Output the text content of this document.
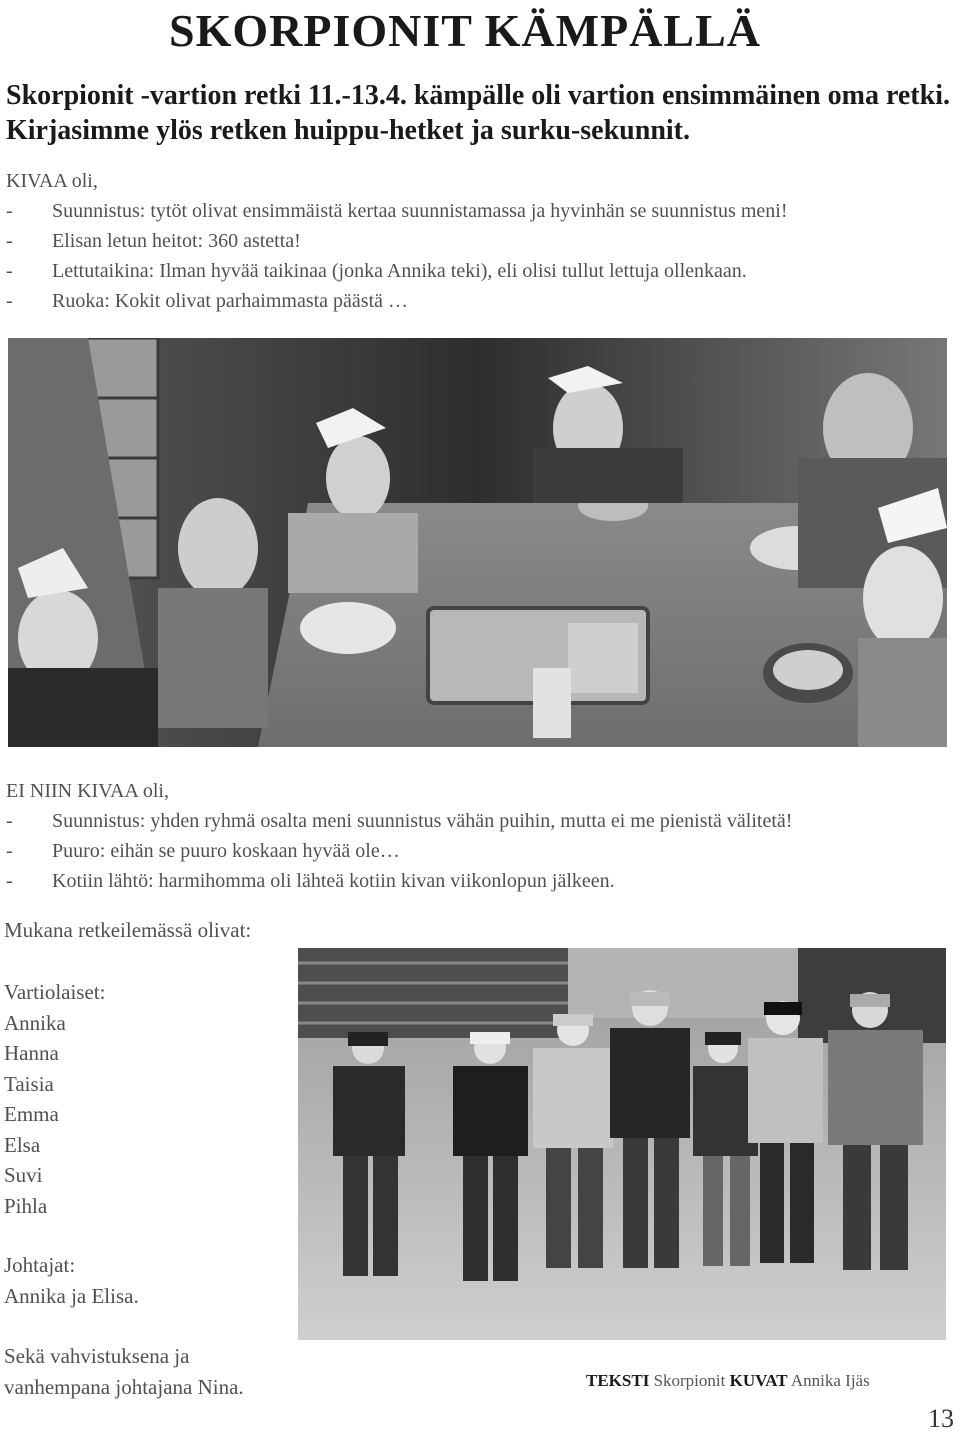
SKORPIONIT KÄMPÄLLÄ
Skorpionit -vartion retki 11.-13.4. kämpälle oli vartion ensimmäinen oma retki. Kirjasimme ylös retken huippu-hetket ja surku-sekunnit.
KIVAA oli,
-	Suunnistus: tytöt olivat ensimmäistä kertaa suunnistamassa ja hyvinhän se suunnistus meni!
-	Elisan letun heitot: 360 astetta!
-	Lettutaikina: Ilman hyvää taikinaa (jonka Annika teki), eli olisi tullut lettuja ollenkaan.
-	Ruoka: Kokit olivat parhaimmasta päästä …
EI NIIN KIVAA oli,
-	Suunnistus: yhden ryhmä osalta meni suunnistus vähän puihin, mutta ei me pienistä välitetä!
-	Puuro: eihän se puuro koskaan hyvää ole…
-	Kotiin lähtö: harmihomma oli lähteä kotiin kivan viikonlopun jälkeen.
Mukana retkeilemässä olivat:
Vartiolaiset:
Annika
Hanna
Taisia
Emma
Elsa
Suvi
Pihla
Johtajat:
Annika ja Elisa.
Sekä vahvistuksena ja
vanhempana johtajana Nina.	TEKSTI Skorpionit KUVAT Annika Ijäs
13
